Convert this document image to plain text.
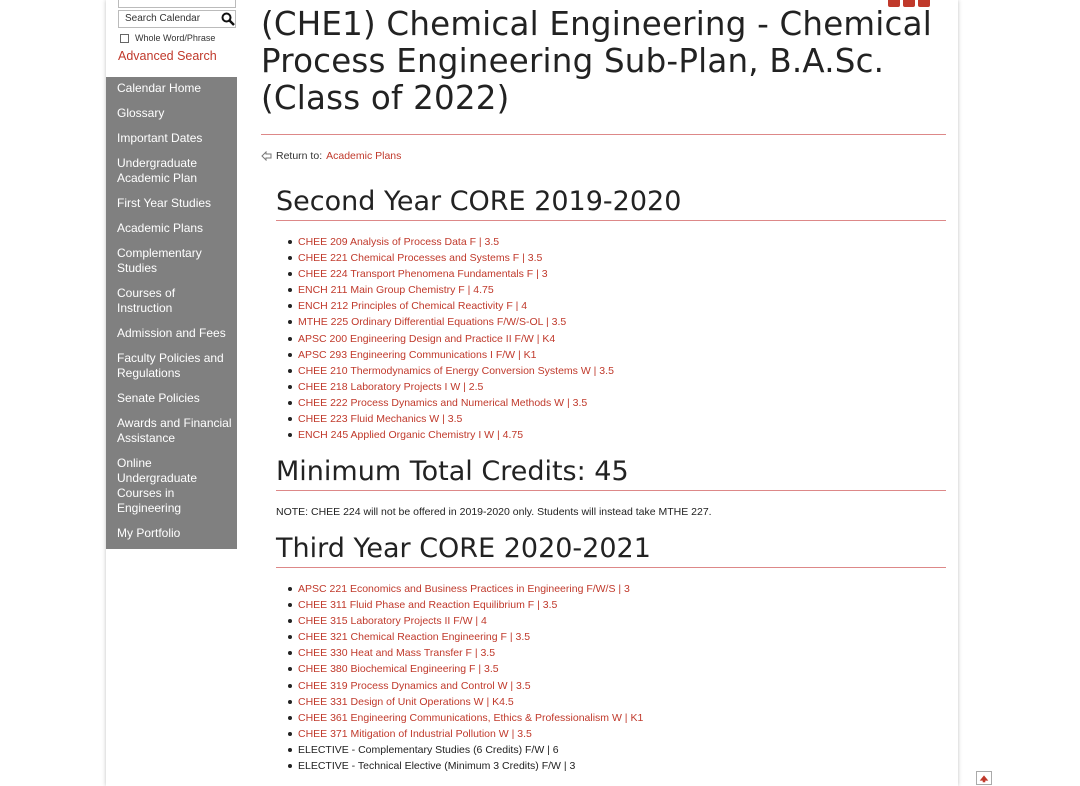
Search Calendar
Whole Word/Phrase
Advanced Search
Calendar Home
Glossary
Important Dates
Undergraduate Academic Plan
First Year Studies
Academic Plans
Complementary Studies
Courses of Instruction
Admission and Fees
Faculty Policies and Regulations
Senate Policies
Awards and Financial Assistance
Online Undergraduate Courses in Engineering
My Portfolio
(CHE1) Chemical Engineering - Chemical Process Engineering Sub-Plan, B.A.Sc.(Class of 2022)
Return to: Academic Plans
Second Year CORE 2019-2020
CHEE 209 Analysis of Process Data F | 3.5
CHEE 221 Chemical Processes and Systems F | 3.5
CHEE 224 Transport Phenomena Fundamentals F | 3
ENCH 211 Main Group Chemistry F | 4.75
ENCH 212 Principles of Chemical Reactivity F | 4
MTHE 225 Ordinary Differential Equations F/W/S-OL | 3.5
APSC 200 Engineering Design and Practice II F/W | K4
APSC 293 Engineering Communications I F/W | K1
CHEE 210 Thermodynamics of Energy Conversion Systems W | 3.5
CHEE 218 Laboratory Projects I W | 2.5
CHEE 222 Process Dynamics and Numerical Methods W | 3.5
CHEE 223 Fluid Mechanics W | 3.5
ENCH 245 Applied Organic Chemistry I W | 4.75
Minimum Total Credits: 45
NOTE: CHEE 224 will not be offered in 2019-2020 only. Students will instead take MTHE 227.
Third Year CORE 2020-2021
APSC 221 Economics and Business Practices in Engineering F/W/S | 3
CHEE 311 Fluid Phase and Reaction Equilibrium F | 3.5
CHEE 315 Laboratory Projects II F/W | 4
CHEE 321 Chemical Reaction Engineering F | 3.5
CHEE 330 Heat and Mass Transfer F | 3.5
CHEE 380 Biochemical Engineering F | 3.5
CHEE 319 Process Dynamics and Control W | 3.5
CHEE 331 Design of Unit Operations W | K4.5
CHEE 361 Engineering Communications, Ethics & Professionalism W | K1
CHEE 371 Mitigation of Industrial Pollution W | 3.5
ELECTIVE - Complementary Studies (6 Credits) F/W | 6
ELECTIVE - Technical Elective (Minimum 3 Credits) F/W | 3
